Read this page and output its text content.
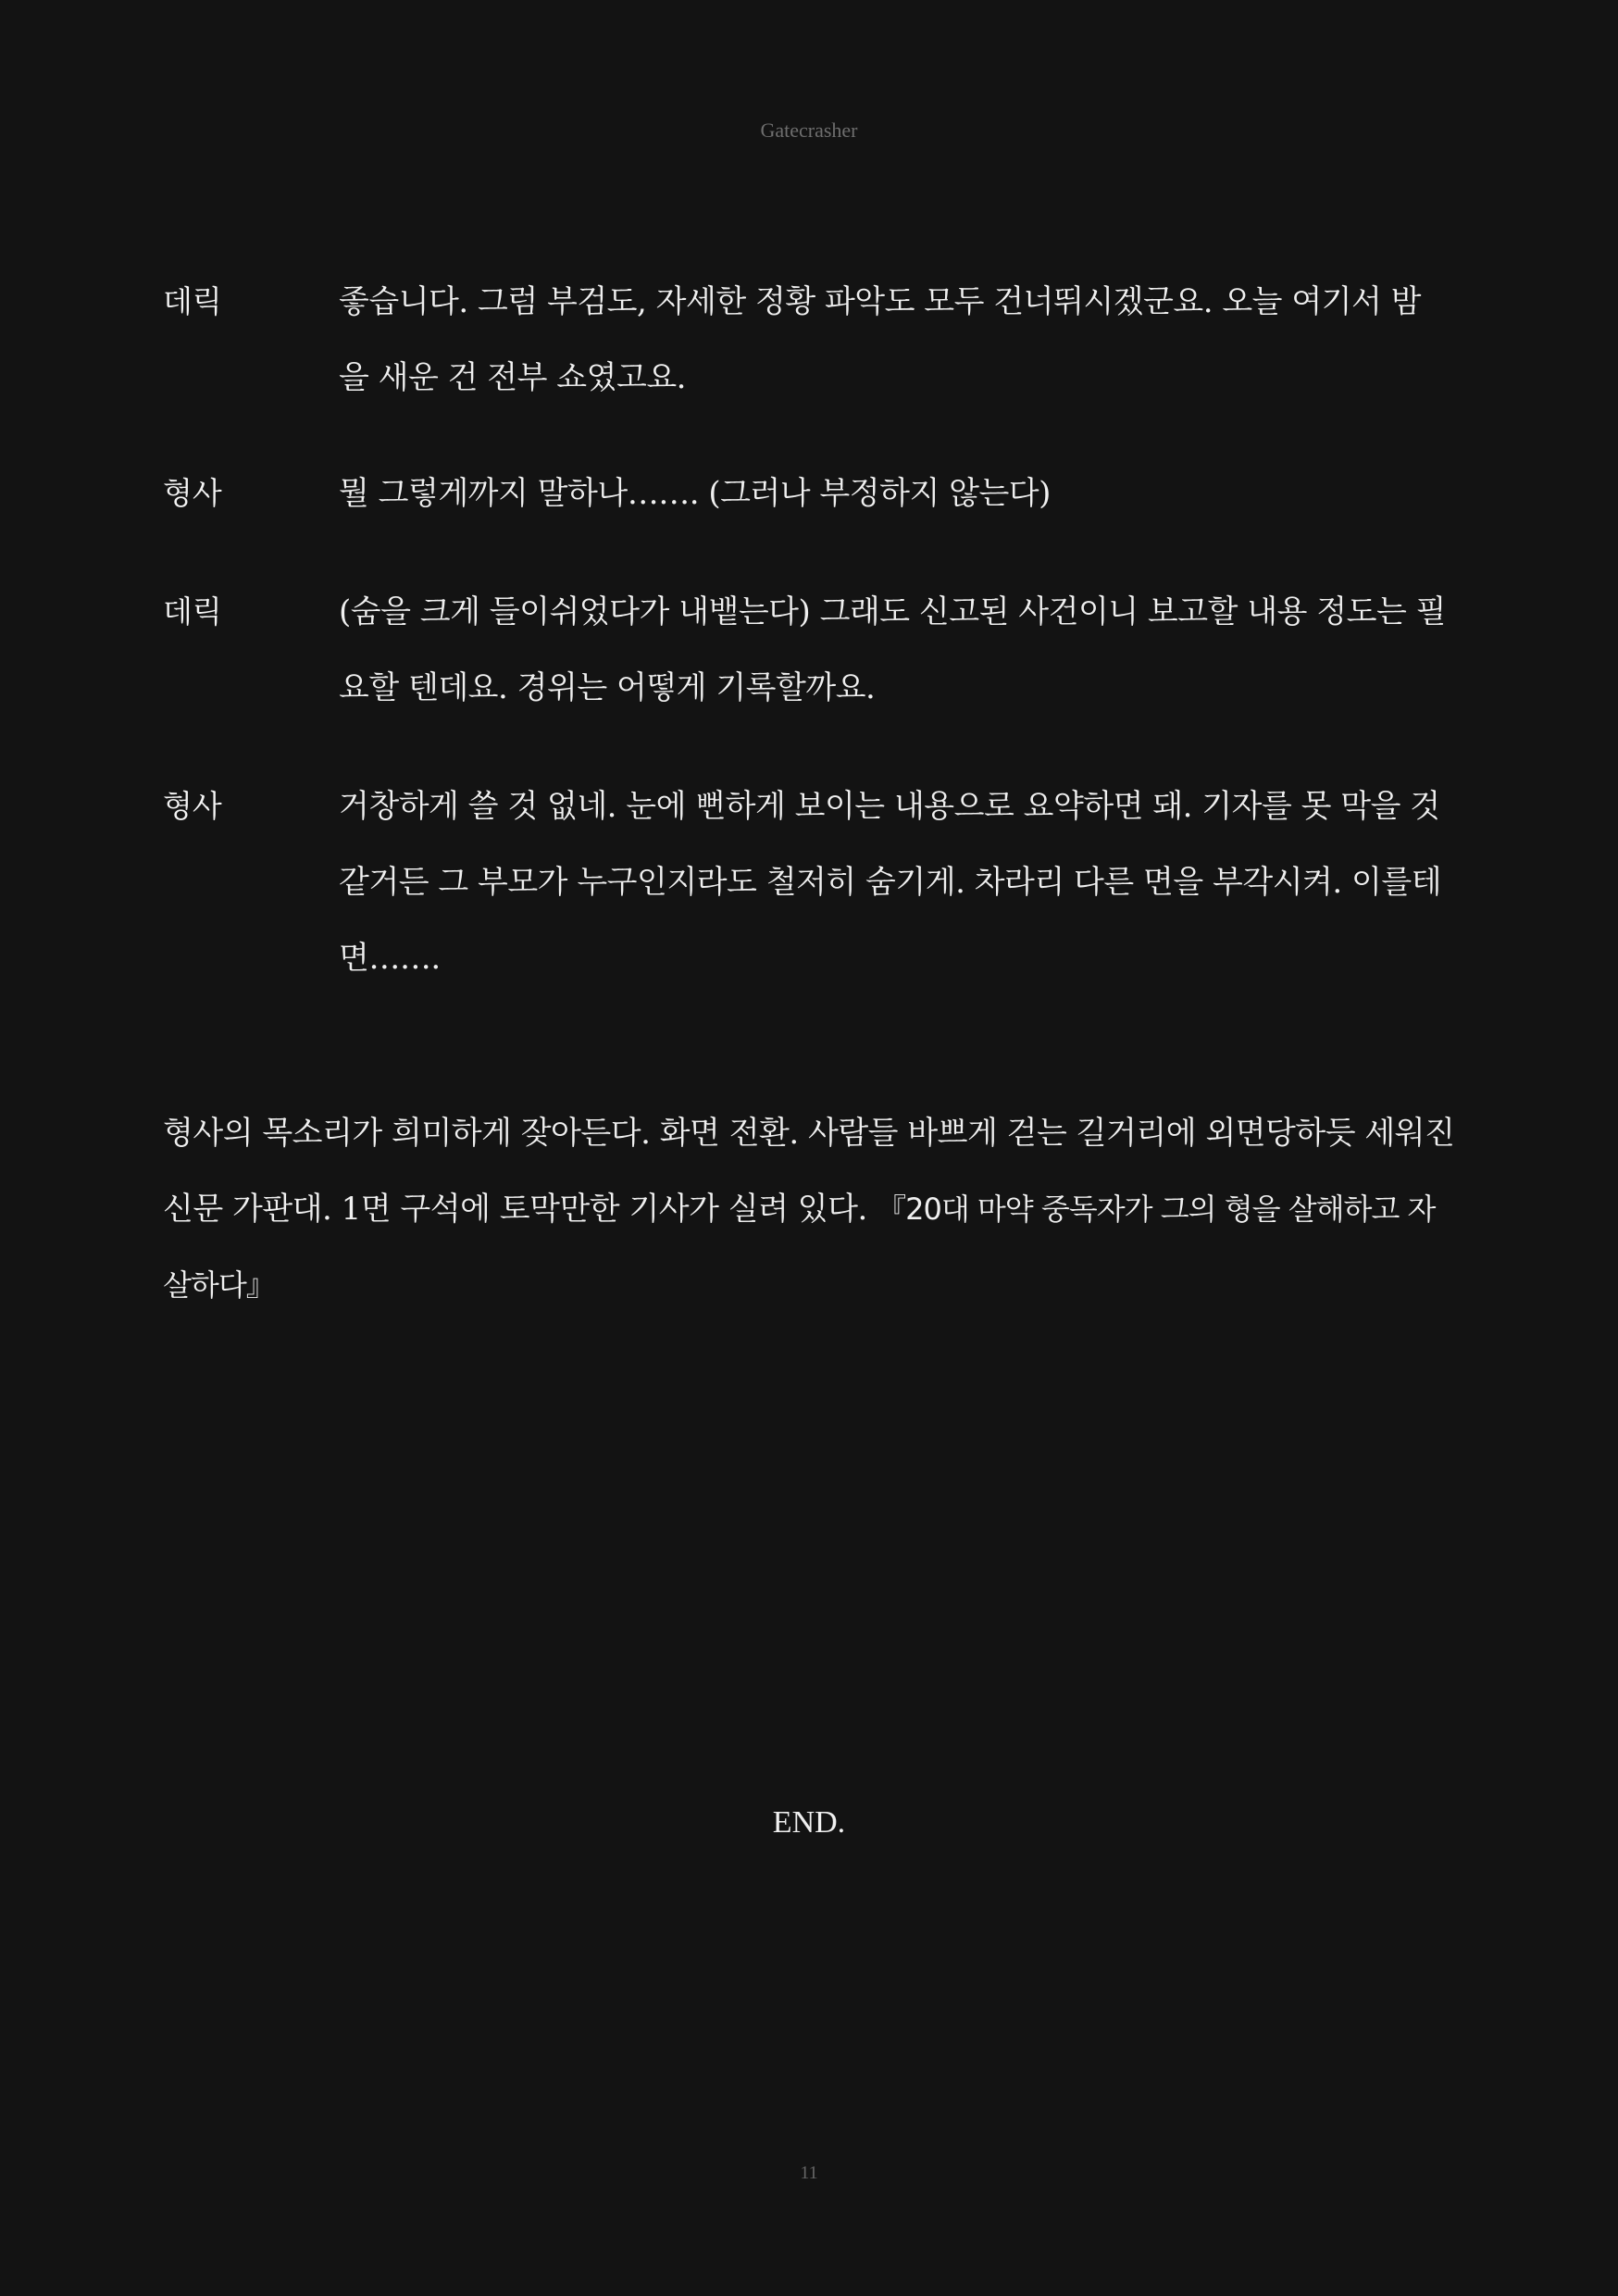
Gatecrasher
데릭	좋습니다. 그럼 부검도, 자세한 정황 파악도 모두 건너뛰시겠군요. 오늘 여기서 밤을 새운 건 전부 쇼였고요.
형사	뭘 그렇게까지 말하나……. (그러나 부정하지 않는다)
데릭	(숨을 크게 들이쉬었다가 내뱉는다) 그래도 신고된 사건이니 보고할 내용 정도는 필요할 텐데요. 경위는 어떻게 기록할까요.
형사	거창하게 쓸 것 없네. 눈에 뻔하게 보이는 내용으로 요약하면 돼. 기자를 못 막을 것 같거든 그 부모가 누구인지라도 철저히 숨기게. 차라리 다른 면을 부각시켜. 이를테면…….
형사의 목소리가 희미하게 잦아든다. 화면 전환. 사람들 바쁘게 걷는 길거리에 외면당하듯 세워진 신문 가판대. 1면 구석에 토막만한 기사가 실려 있다. 『20대 마약 중독자가 그의 형을 살해하고 자살하다』
END.
11
